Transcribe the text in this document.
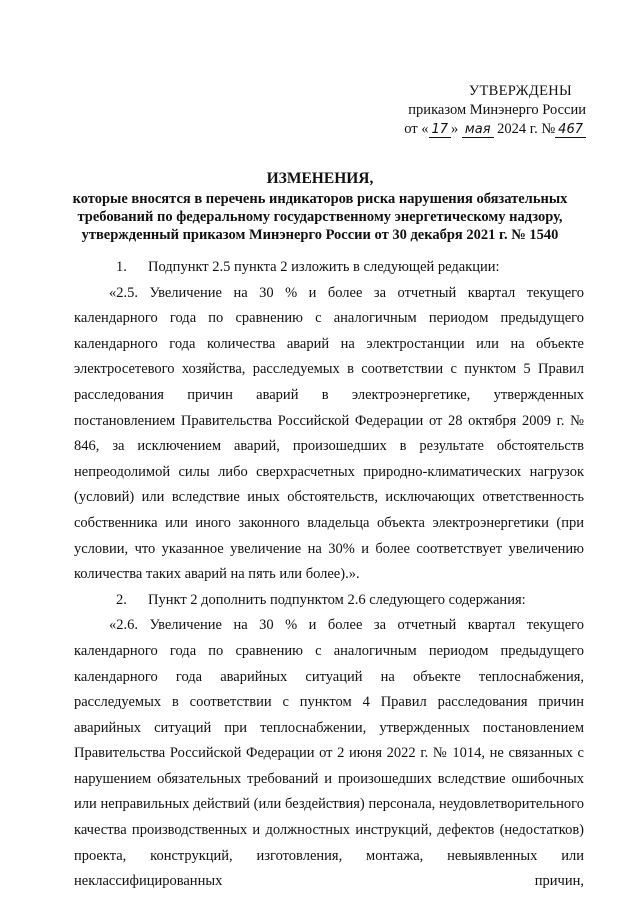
УТВЕРЖДЕНЫ
приказом Минэнерго России
от « 17 » мая 2024 г. № 467
ИЗМЕНЕНИЯ,
которые вносятся в перечень индикаторов риска нарушения обязательных требований по федеральному государственному энергетическому надзору, утвержденный приказом Минэнерго России от 30 декабря 2021 г. № 1540

1. Подпункт 2.5 пункта 2 изложить в следующей редакции:

«2.5. Увеличение на 30 % и более за отчетный квартал текущего календарного года по сравнению с аналогичным периодом предыдущего календарного года количества аварий на электростанции или на объекте электросетевого хозяйства, расследуемых в соответствии с пунктом 5 Правил расследования причин аварий в электроэнергетике, утвержденных постановлением Правительства Российской Федерации от 28 октября 2009 г. № 846, за исключением аварий, произошедших в результате обстоятельств непреодолимой силы либо сверхрасчетных природно-климатических нагрузок (условий) или вследствие иных обстоятельств, исключающих ответственность собственника или иного законного владельца объекта электроэнергетики (при условии, что указанное увеличение на 30% и более соответствует увеличению количества таких аварий на пять или более).».

2. Пункт 2 дополнить подпунктом 2.6 следующего содержания:

«2.6. Увеличение на 30 % и более за отчетный квартал текущего календарного года по сравнению с аналогичным периодом предыдущего календарного года аварийных ситуаций на объекте теплоснабжения, расследуемых в соответствии с пунктом 4 Правил расследования причин аварийных ситуаций при теплоснабжении, утвержденных постановлением Правительства Российской Федерации от 2 июня 2022 г. № 1014, не связанных с нарушением обязательных требований и произошедших вследствие ошибочных или неправильных действий (или бездействия) персонала, неудовлетворительного качества производственных и должностных инструкций, дефектов (недостатков) проекта, конструкций, изготовления, монтажа, невыявленных или неклассифицированных причин,
